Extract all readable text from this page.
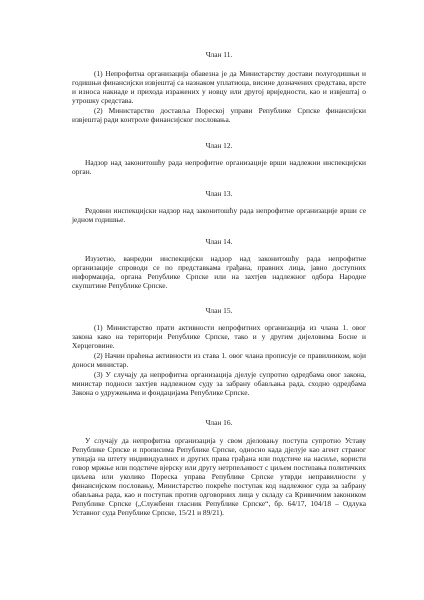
Члан 11.
(1) Непрофитна организација обавезна је да Министарству достави полугодишњи и годишњи финансијски извјештај са назнаком уплатиоца, висине дозначених средстава, врсте и износа накнаде и прихода изражених у новцу или другој вриједности, као и извјештај о утрошку средстава.
(2) Министарство доставља Пореској управи Републике Српске финансијски извјештај ради контроле финансијског пословања.
Члан 12.
Надзор над законитошћу рада непрофитне организације врши надлежни инспекцијски орган.
Члан 13.
Редовни инспекцијски надзор над законитошћу рада непрофитне организације врши се једном годишње.
Члан 14.
Изузетно, ванредни инспекцијски надзор над законитошћу рада непрофитне организације спроводи се по представкама грађана, правних лица, јавно доступних информација, органа Републике Српске или на захтјев надлежног одбора Народне скупштине Републике Српске.
Члан 15.
(1) Министарство прати активности непрофитних организација из члана 1. овог закона како на територији Републике Српске, тако и у другим дијеловима Босне и Херцеговине.
(2) Начин праћења активности из става 1. овог члана прописује се правилником, који доноси министар.
(3) У случају да непрофитна организација дјелује супротно одредбама овог закона, министар подноси захтјев надлежном суду за забрану обављања рада, сходно одредбама Закона о удружењима и фондацијама Републике Српске.
Члан 16.
У случају да непрофитна организација у свом дјеловању поступа супротно Уставу Републике Српске и прописима Републике Српске, односно када дјелује као агент страног утицаја на штету индивидуалних и других права грађана или подстиче на насиље, користи говор мржње или подстиче вјерску или другу нетрпељивост с циљем постизања политичких циљева или уколико Пореска управа Републике Српске утврди неправилности у финансијском пословању, Министарство покреће поступак код надлежног суда за забрану обављања рада, као и поступак против одговорних лица у складу са Кривичним закоником Републике Српске („Службени гласник Републике Српске“, бр. 64/17, 104/18 – Одлука Уставног суда Републике Српске, 15/21 и 89/21).
